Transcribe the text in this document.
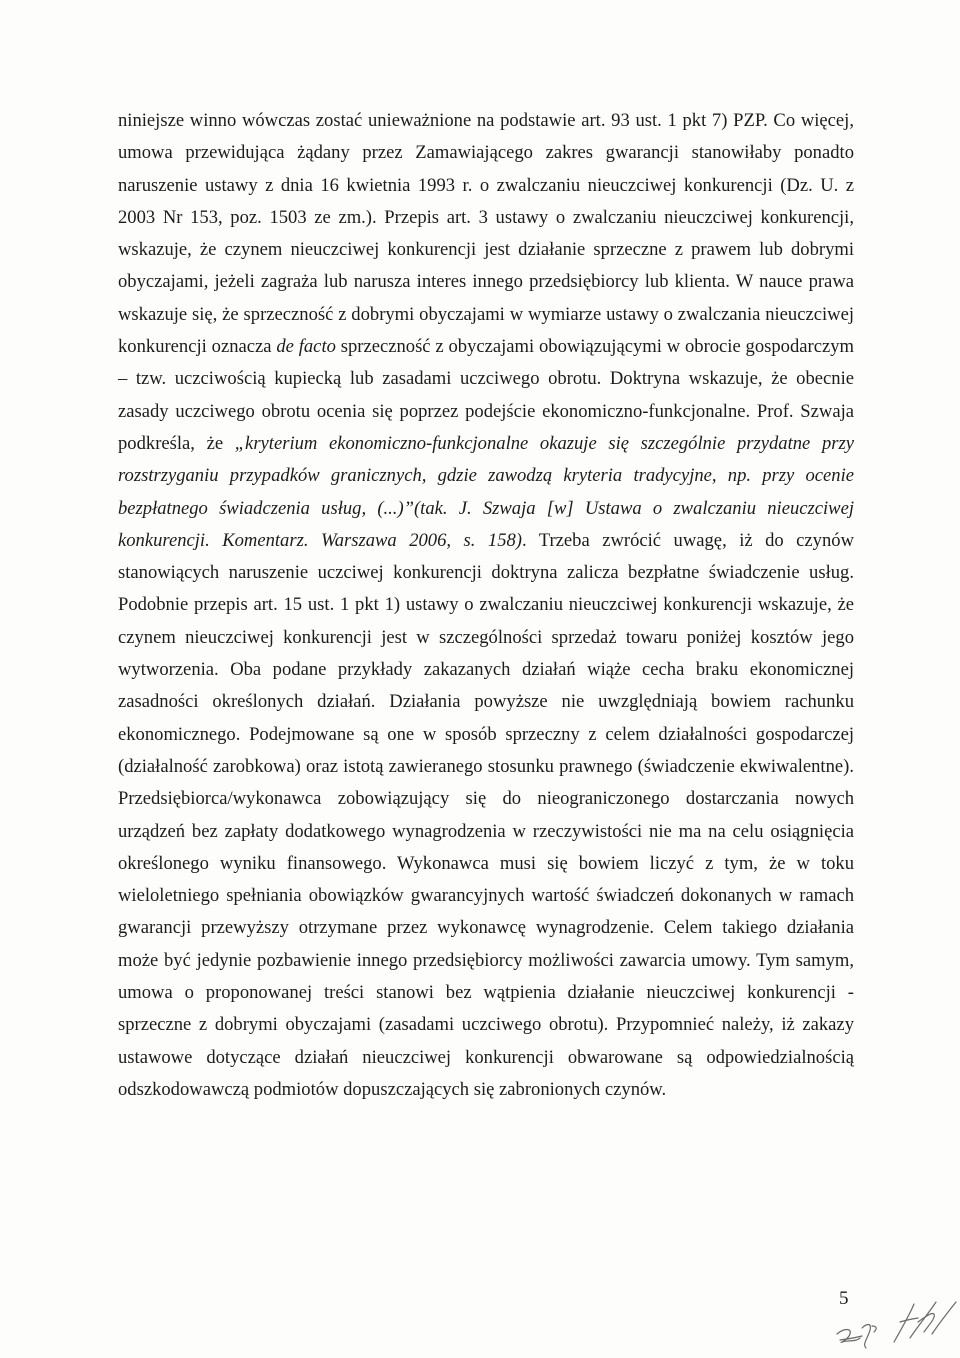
niniejsze winno wówczas zostać unieważnione na podstawie art. 93 ust. 1 pkt 7) PZP. Co więcej, umowa przewidująca żądany przez Zamawiającego zakres gwarancji stanowiłaby ponadto naruszenie ustawy z dnia 16 kwietnia 1993 r. o zwalczaniu nieuczciwej konkurencji (Dz. U. z 2003 Nr 153, poz. 1503 ze zm.). Przepis art. 3 ustawy o zwalczaniu nieuczciwej konkurencji, wskazuje, że czynem nieuczciwej konkurencji jest działanie sprzeczne z prawem lub dobrymi obyczajami, jeżeli zagraża lub narusza interes innego przedsiębiorcy lub klienta. W nauce prawa wskazuje się, że sprzeczność z dobrymi obyczajami w wymiarze ustawy o zwalczania nieuczciwej konkurencji oznacza de facto sprzeczność z obyczajami obowiązującymi w obrocie gospodarczym – tzw. uczciwością kupiecką lub zasadami uczciwego obrotu. Doktryna wskazuje, że obecnie zasady uczciwego obrotu ocenia się poprzez podejście ekonomiczno-funkcjonalne. Prof. Szwaja podkreśla, że „kryterium ekonomiczno-funkcjonalne okazuje się szczególnie przydatne przy rozstrzyganiu przypadków granicznych, gdzie zawodzą kryteria tradycyjne, np. przy ocenie bezpłatnego świadczenia usług, (...)”(tak. J. Szwaja [w] Ustawa o zwalczaniu nieuczciwej konkurencji. Komentarz. Warszawa 2006, s. 158). Trzeba zwrócić uwagę, iż do czynów stanowiących naruszenie uczciwej konkurencji doktryna zalicza bezpłatne świadczenie usług. Podobnie przepis art. 15 ust. 1 pkt 1) ustawy o zwalczaniu nieuczciwej konkurencji wskazuje, że czynem nieuczciwej konkurencji jest w szczególności sprzedaż towaru poniżej kosztów jego wytworzenia. Oba podane przykłady zakazanych działań wiąże cecha braku ekonomicznej zasadności określonych działań. Działania powyższe nie uwzględniają bowiem rachunku ekonomicznego. Podejmowane są one w sposób sprzeczny z celem działalności gospodarczej (działalność zarobkowa) oraz istotą zawieranego stosunku prawnego (świadczenie ekwiwalentne). Przedsiębiorca/wykonawca zobowiązujący się do nieograniczonego dostarczania nowych urządzeń bez zapłaty dodatkowego wynagrodzenia w rzeczywistości nie ma na celu osiągnięcia określonego wyniku finansowego. Wykonawca musi się bowiem liczyć z tym, że w toku wieloletniego spełniania obowiązków gwarancyjnych wartość świadczeń dokonanych w ramach gwarancji przewyższy otrzymane przez wykonawcę wynagrodzenie. Celem takiego działania może być jedynie pozbawienie innego przedsiębiorcy możliwości zawarcia umowy. Tym samym, umowa o proponowanej treści stanowi bez wątpienia działanie nieuczciwej konkurencji - sprzeczne z dobrymi obyczajami (zasadami uczciwego obrotu). Przypomnieć należy, iż zakazy ustawowe dotyczące działań nieuczciwej konkurencji obwarowane są odpowiedzialnością odszkodowawczą podmiotów dopuszczających się zabronionych czynów.

5
